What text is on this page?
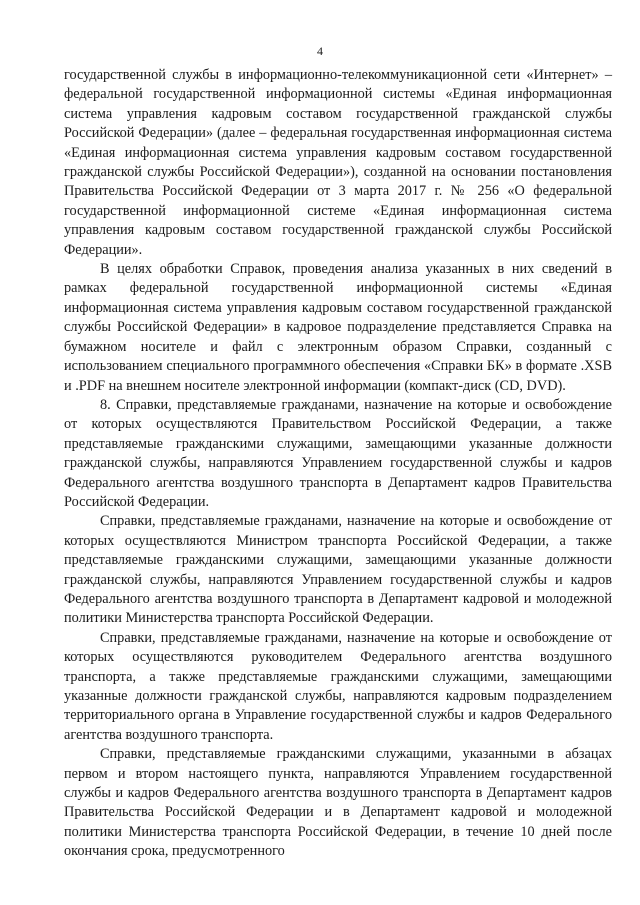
4

государственной службы в информационно-телекоммуникационной сети «Интернет» – федеральной государственной информационной системы «Единая информационная система управления кадровым составом государственной гражданской службы Российской Федерации» (далее – федеральная государственная информационная система «Единая информационная система управления кадровым составом государственной гражданской службы Российской Федерации»), созданной на основании постановления Правительства Российской Федерации от 3 марта 2017 г. № 256 «О федеральной государственной информационной системе «Единая информационная система управления кадровым составом государственной гражданской службы Российской Федерации».

В целях обработки Справок, проведения анализа указанных в них сведений в рамках федеральной государственной информационной системы «Единая информационная система управления кадровым составом государственной гражданской службы Российской Федерации» в кадровое подразделение представляется Справка на бумажном носителе и файл с электронным образом Справки, созданный с использованием специального программного обеспечения «Справки БК» в формате .XSB и .PDF на внешнем носителе электронной информации (компакт-диск (CD, DVD).

8. Справки, представляемые гражданами, назначение на которые и освобождение от которых осуществляются Правительством Российской Федерации, а также представляемые гражданскими служащими, замещающими указанные должности гражданской службы, направляются Управлением государственной службы и кадров Федерального агентства воздушного транспорта в Департамент кадров Правительства Российской Федерации.

Справки, представляемые гражданами, назначение на которые и освобождение от которых осуществляются Министром транспорта Российской Федерации, а также представляемые гражданскими служащими, замещающими указанные должности гражданской службы, направляются Управлением государственной службы и кадров Федерального агентства воздушного транспорта в Департамент кадровой и молодежной политики Министерства транспорта Российской Федерации.

Справки, представляемые гражданами, назначение на которые и освобождение от которых осуществляются руководителем Федерального агентства воздушного транспорта, а также представляемые гражданскими служащими, замещающими указанные должности гражданской службы, направляются кадровым подразделением территориального органа в Управление государственной службы и кадров Федерального агентства воздушного транспорта.

Справки, представляемые гражданскими служащими, указанными в абзацах первом и втором настоящего пункта, направляются Управлением государственной службы и кадров Федерального агентства воздушного транспорта в Департамент кадров Правительства Российской Федерации и в Департамент кадровой и молодежной политики Министерства транспорта Российской Федерации, в течение 10 дней после окончания срока, предусмотренного
